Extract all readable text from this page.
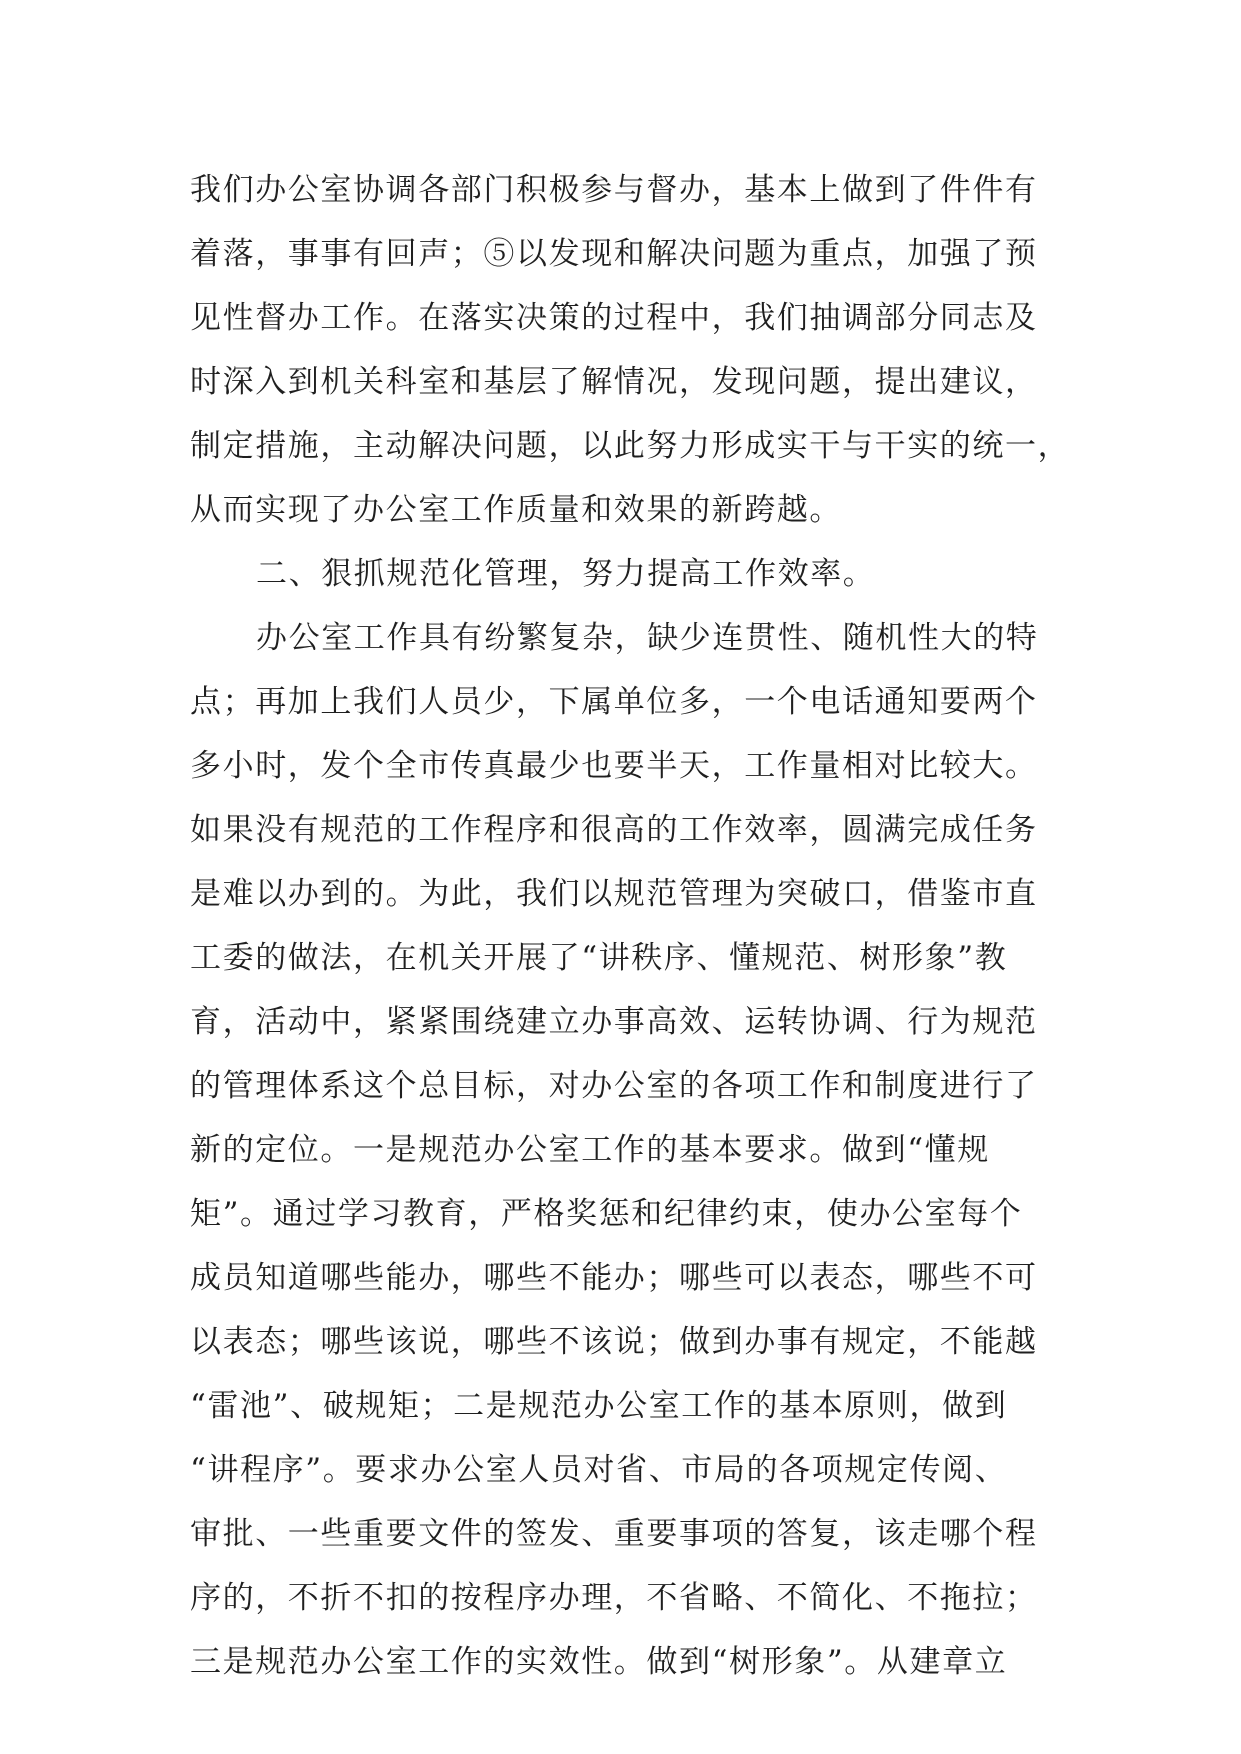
我们办公室协调各部门积极参与督办，基本上做到了件件有
着落，事事有回声；⑤以发现和解决问题为重点，加强了预
见性督办工作。在落实决策的过程中，我们抽调部分同志及
时深入到机关科室和基层了解情况，发现问题，提出建议，
制定措施，主动解决问题，以此努力形成实干与干实的统一，
从而实现了办公室工作质量和效果的新跨越。
二、狠抓规范化管理，努力提高工作效率。
办公室工作具有纷繁复杂，缺少连贯性、随机性大的特
点；再加上我们人员少，下属单位多，一个电话通知要两个
多小时，发个全市传真最少也要半天，工作量相对比较大。
如果没有规范的工作程序和很高的工作效率，圆满完成任务
是难以办到的。为此，我们以规范管理为突破口，借鉴市直
工委的做法，在机关开展了“讲秩序、懂规范、树形象”教
育，活动中，紧紧围绕建立办事高效、运转协调、行为规范
的管理体系这个总目标，对办公室的各项工作和制度进行了
新的定位。一是规范办公室工作的基本要求。做到“懂规
矩”。通过学习教育，严格奖惩和纪律约束，使办公室每个
成员知道哪些能办，哪些不能办；哪些可以表态，哪些不可
以表态；哪些该说，哪些不该说；做到办事有规定，不能越
“雷池”、破规矩；二是规范办公室工作的基本原则，做到
“讲程序”。要求办公室人员对省、市局的各项规定传阅、
审批、一些重要文件的签发、重要事项的答复，该走哪个程
序的，不折不扣的按程序办理，不省略、不简化、不拖拉；
三是规范办公室工作的实效性。做到“树形象”。从建章立
